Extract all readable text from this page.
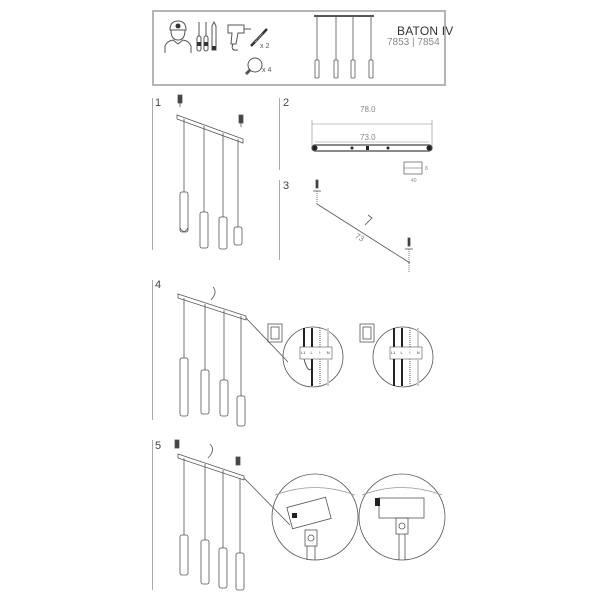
x 2
x 4
BATON IV
7853 | 7854
1	2
78.0
73.0
8
40
3
73
4
L1 L ⏚ N	L1 L ⏚ N
5
